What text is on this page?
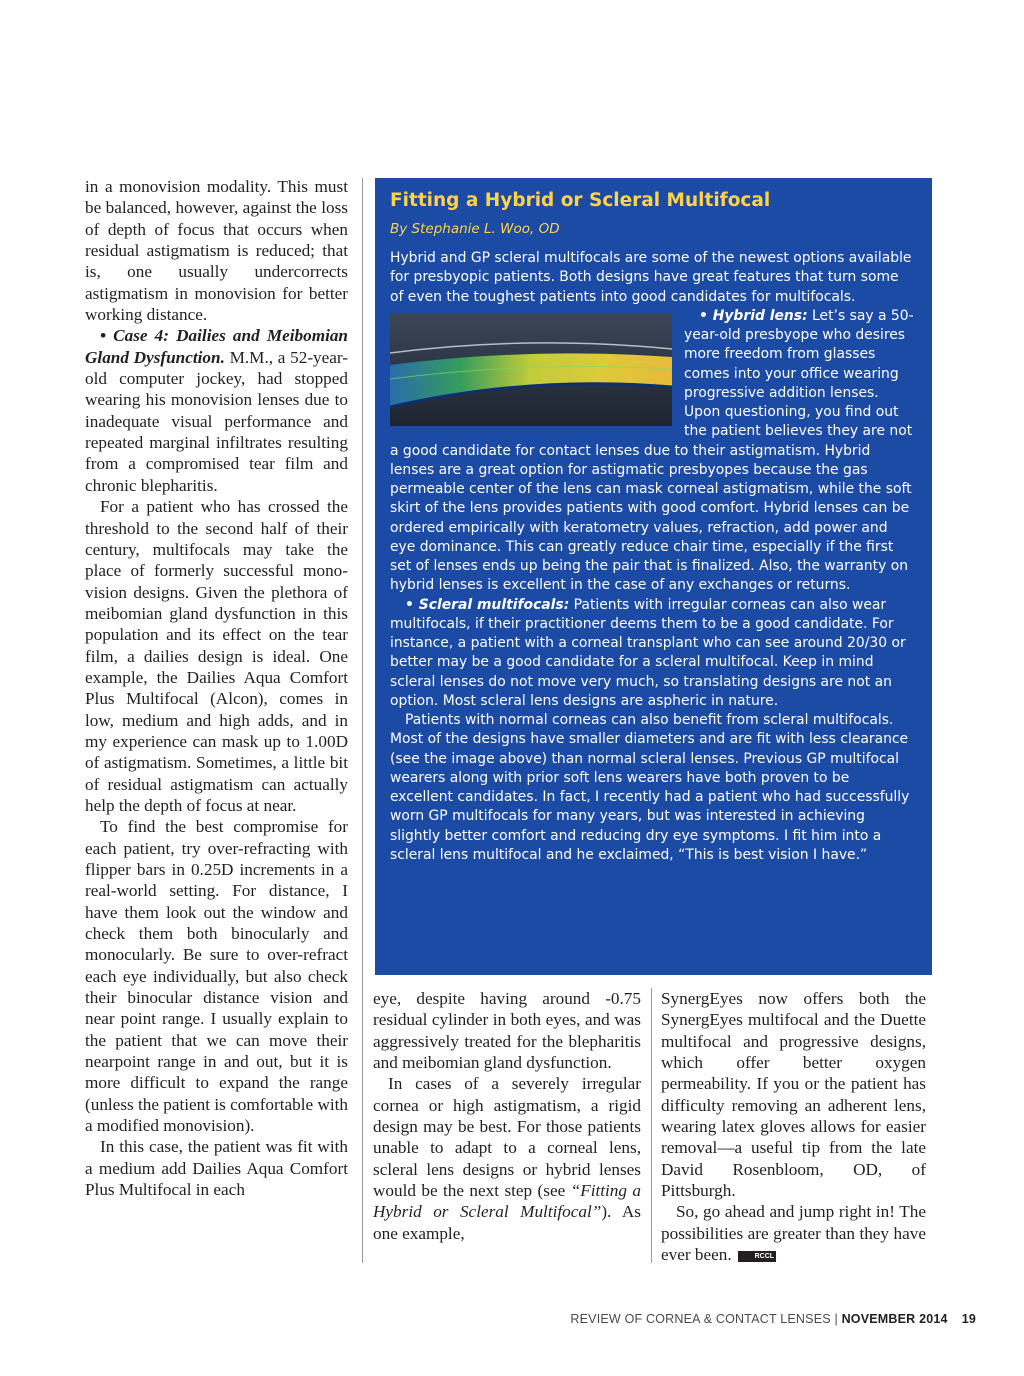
in a monovision modality. This must be balanced, however, against the loss of depth of focus that occurs when residual astigmatism is reduced; that is, one usually undercorrects astigmatism in monovision for better working distance.

• Case 4: Dailies and Meibomian Gland Dysfunction. M.M., a 52-year-old computer jockey, had stopped wearing his monovision lenses due to inadequate visual performance and repeated marginal infiltrates resulting from a compromised tear film and chronic blepharitis.

For a patient who has crossed the threshold to the second half of their century, multifocals may take the place of formerly successful monovision designs. Given the plethora of meibomian gland dysfunction in this population and its effect on the tear film, a dailies design is ideal. One example, the Dailies Aqua Comfort Plus Multifocal (Alcon), comes in low, medium and high adds, and in my experience can mask up to 1.00D of astigmatism. Sometimes, a little bit of residual astigmatism can actually help the depth of focus at near.

To find the best compromise for each patient, try over-refracting with flipper bars in 0.25D increments in a real-world setting. For distance, I have them look out the window and check them both binocularly and monocularly. Be sure to over-refract each eye individually, but also check their binocular distance vision and near point range. I usually explain to the patient that we can move their nearpoint range in and out, but it is more difficult to expand the range (unless the patient is comfortable with a modified monovision).

In this case, the patient was fit with a medium add Dailies Aqua Comfort Plus Multifocal in each

Fitting a Hybrid or Scleral Multifocal
By Stephanie L. Woo, OD

Hybrid and GP scleral multifocals are some of the newest options available for presbyopic patients. Both designs have great features that turn some of even the toughest patients into good candidates for multifocals.

• Hybrid lens: Let’s say a 50-year-old presbyope who desires more freedom from glasses comes into your office wearing progressive addition lenses. Upon questioning, you find out the patient believes they are not a good candidate for contact lenses due to their astigmatism. Hybrid lenses are a great option for astigmatic presbyopes because the gas permeable center of the lens can mask corneal astigmatism, while the soft skirt of the lens provides patients with good comfort. Hybrid lenses can be ordered empirically with keratometry values, refraction, add power and eye dominance. This can greatly reduce chair time, especially if the first set of lenses ends up being the pair that is finalized. Also, the warranty on hybrid lenses is excellent in the case of any exchanges or returns.

• Scleral multifocals: Patients with irregular corneas can also wear multifocals, if their practitioner deems them to be a good candidate. For instance, a patient with a corneal transplant who can see around 20/30 or better may be a good candidate for a scleral multifocal. Keep in mind scleral lenses do not move very much, so translating designs are not an option. Most scleral lens designs are aspheric in nature.

Patients with normal corneas can also benefit from scleral multifocals. Most of the designs have smaller diameters and are fit with less clearance (see the image above) than normal scleral lenses. Previous GP multifocal wearers along with prior soft lens wearers have both proven to be excellent candidates. In fact, I recently had a patient who had successfully worn GP multifocals for many years, but was interested in achieving slightly better comfort and reducing dry eye symptoms. I fit him into a scleral lens multifocal and he exclaimed, “This is best vision I have.”

eye, despite having around -0.75 residual cylinder in both eyes, and was aggressively treated for the blepharitis and meibomian gland dysfunction.

In cases of a severely irregular cornea or high astigmatism, a rigid design may be best. For those patients unable to adapt to a corneal lens, scleral lens designs or hybrid lenses would be the next step (see “Fitting a Hybrid or Scleral Multifocal”). As one example,

SynergEyes now offers both the SynergEyes multifocal and the Duette multifocal and progressive designs, which offer better oxygen permeability. If you or the patient has difficulty removing an adherent lens, wearing latex gloves allows for easier removal—a useful tip from the late David Rosenbloom, OD, of Pittsburgh.

So, go ahead and jump right in! The possibilities are greater than they have ever been.	RCCL

REVIEW OF CORNEA & CONTACT LENSES | NOVEMBER 2014 19
